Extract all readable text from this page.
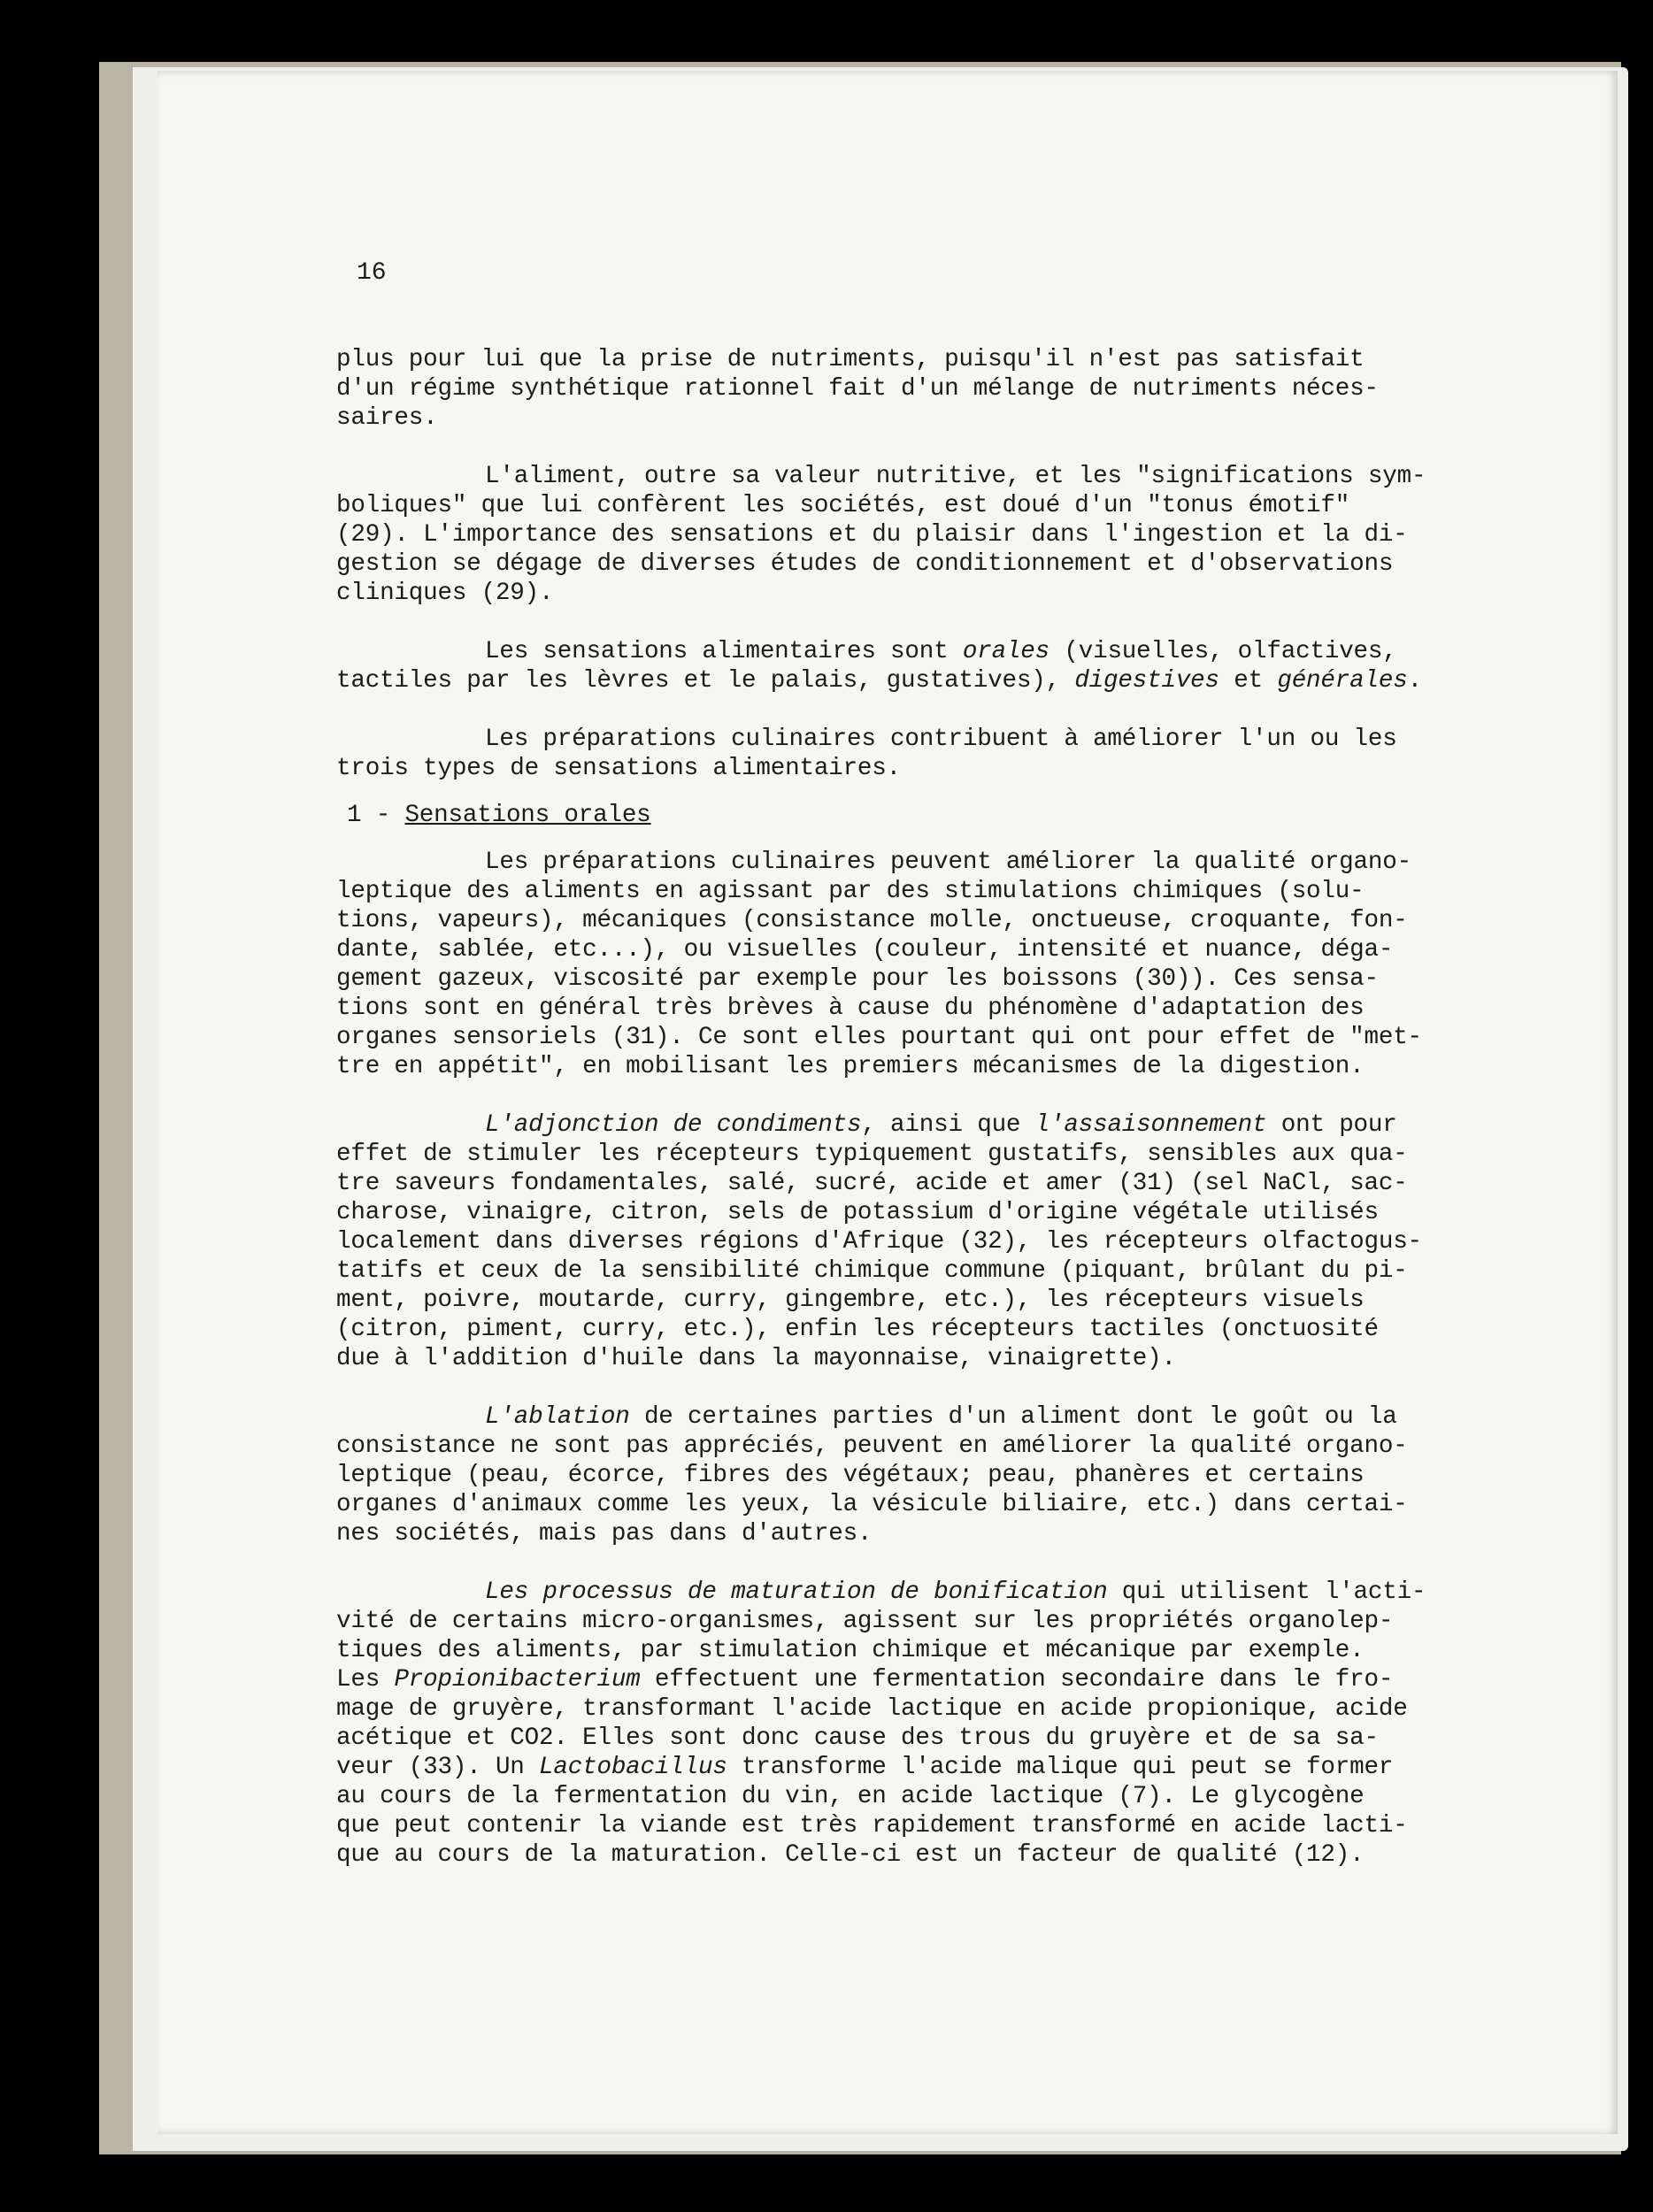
16
plus pour lui que la prise de nutriments, puisqu'il n'est pas satisfait
d'un régime synthétique rationnel fait d'un mélange de nutriments néces-
saires.
L'aliment, outre sa valeur nutritive, et les "significations sym-
boliques" que lui confèrent les sociétés, est doué d'un "tonus émotif"
(29). L'importance des sensations et du plaisir dans l'ingestion et la di-
gestion se dégage de diverses études de conditionnement et d'observations
cliniques (29).
Les sensations alimentaires sont orales (visuelles, olfactives,
tactiles par les lèvres et le palais, gustatives), digestives et générales.
Les préparations culinaires contribuent à améliorer l'un ou les
trois types de sensations alimentaires.
1 - Sensations orales
Les préparations culinaires peuvent améliorer la qualité organo-
leptique des aliments en agissant par des stimulations chimiques (solu-
tions, vapeurs), mécaniques (consistance molle, onctueuse, croquante, fon-
dante, sablée, etc...), ou visuelles (couleur, intensité et nuance, déga-
gement gazeux, viscosité par exemple pour les boissons (30)). Ces sensa-
tions sont en général très brèves à cause du phénomène d'adaptation des
organes sensoriels (31). Ce sont elles pourtant qui ont pour effet de "met-
tre en appétit", en mobilisant les premiers mécanismes de la digestion.
L'adjonction de condiments, ainsi que l'assaisonnement ont pour
effet de stimuler les récepteurs typiquement gustatifs, sensibles aux qua-
tre saveurs fondamentales, salé, sucré, acide et amer (31) (sel NaCl, sac-
charose, vinaigre, citron, sels de potassium d'origine végétale utilisés
localement dans diverses régions d'Afrique (32), les récepteurs olfactogus-
tatifs et ceux de la sensibilité chimique commune (piquant, brûlant du pi-
ment, poivre, moutarde, curry, gingembre, etc.), les récepteurs visuels
(citron, piment, curry, etc.), enfin les récepteurs tactiles (onctuosité
due à l'addition d'huile dans la mayonnaise, vinaigrette).
L'ablation de certaines parties d'un aliment dont le goût ou la
consistance ne sont pas appréciés, peuvent en améliorer la qualité organo-
leptique (peau, écorce, fibres des végétaux; peau, phanères et certains
organes d'animaux comme les yeux, la vésicule biliaire, etc.) dans certai-
nes sociétés, mais pas dans d'autres.
Les processus de maturation de bonification qui utilisent l'acti-
vité de certains micro-organismes, agissent sur les propriétés organolep-
tiques des aliments, par stimulation chimique et mécanique par exemple.
Les Propionibacterium effectuent une fermentation secondaire dans le fro-
mage de gruyère, transformant l'acide lactique en acide propionique, acide
acétique et CO2. Elles sont donc cause des trous du gruyère et de sa sa-
veur (33). Un Lactobacillus transforme l'acide malique qui peut se former
au cours de la fermentation du vin, en acide lactique (7). Le glycogène
que peut contenir la viande est très rapidement transformé en acide lacti-
que au cours de la maturation. Celle-ci est un facteur de qualité (12).
